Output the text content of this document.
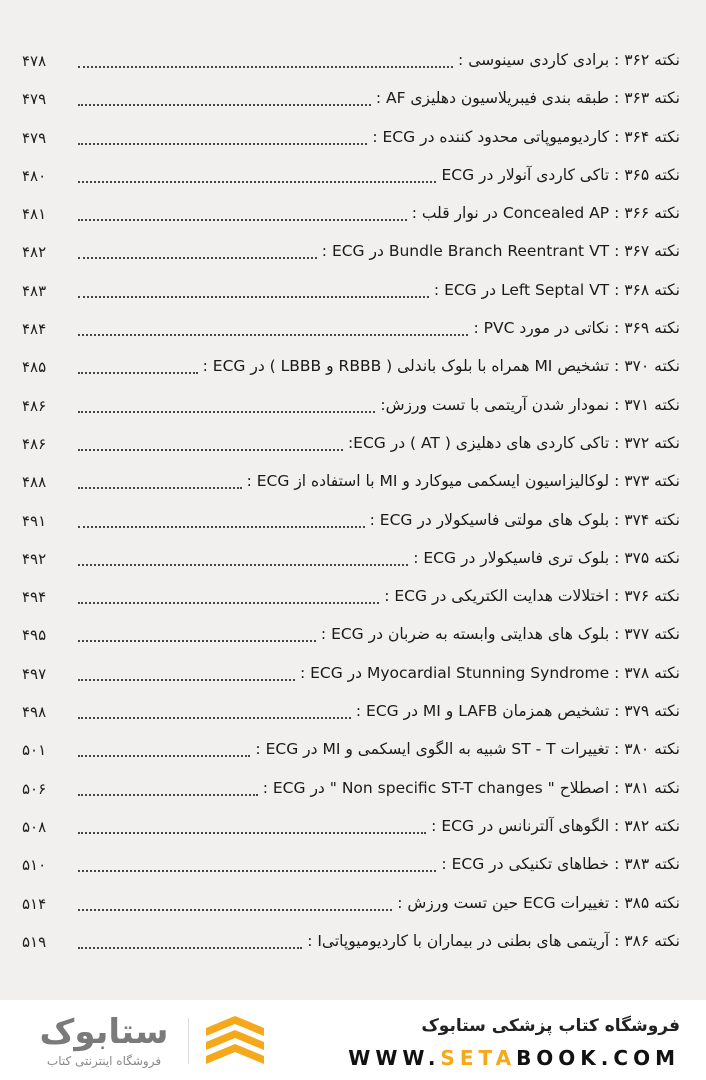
۴۷۸	نکته ۳۶۲ : برادی کاردی سینوسی :
۴۷۹	نکته ۳۶۳ : طبقه بندی فیبریلاسیون دهلیزی AF :
۴۷۹	نکته ۳۶۴ : کاردیومیوپاتی محدود کننده در ECG :
۴۸۰	نکته ۳۶۵ : تاکی کاردی آنولار در ECG
۴۸۱	نکته ۳۶۶ : Concealed AP در نوار قلب :
۴۸۲	نکته ۳۶۷ : Bundle Branch Reentrant VT در ECG :
۴۸۳	نکته ۳۶۸ : Left Septal VT در ECG :
۴۸۴	نکته ۳۶۹ : نکاتی در مورد PVC :
۴۸۵	نکته ۳۷۰ : تشخیص MI همراه با بلوک باندلی ( RBBB و LBBB ) در ECG :
۴۸۶	نکته ۳۷۱ : نمودار شدن آریتمی با تست ورزش:
۴۸۶	نکته ۳۷۲ : تاکی کاردی های دهلیزی ( AT ) در ECG:
۴۸۸	نکته ۳۷۳ : لوکالیزاسیون ایسکمی میوکارد و MI با استفاده از ECG :
۴۹۱	نکته ۳۷۴ : بلوک های مولتی فاسیکولار در ECG :
۴۹۲	نکته ۳۷۵ : بلوک تری فاسیکولار در ECG :
۴۹۴	نکته ۳۷۶ : اختلالات هدایت الکتریکی در ECG :
۴۹۵	نکته ۳۷۷ : بلوک های هدایتی وابسته به ضربان در ECG :
۴۹۷	نکته ۳۷۸ : Myocardial Stunning Syndrome در ECG :
۴۹۸	نکته ۳۷۹ : تشخیص همزمان LAFB و MI در ECG :
۵۰۱	نکته ۳۸۰ : تغییرات ST - T شبیه به الگوی ایسکمی و MI در ECG :
۵۰۶	نکته ۳۸۱ : اصطلاح " Non specific ST-T changes " در ECG :
۵۰۸	نکته ۳۸۲ : الگوهای آلترنانس در ECG :
۵۱۰	نکته ۳۸۳ : خطاهای تکنیکی در ECG :
۵۱۴	نکته ۳۸۵ : تغییرات ECG حین تست ورزش :
۵۱۹	نکته ۳۸۶ : آریتمی های بطنی در بیماران با کاردیومیوپاتیI :
ستابوک
فروشگاه اینترنتی کتاب
فروشگاه کتاب پزشکی ستابوک
WWW.SETABOOK.COM
